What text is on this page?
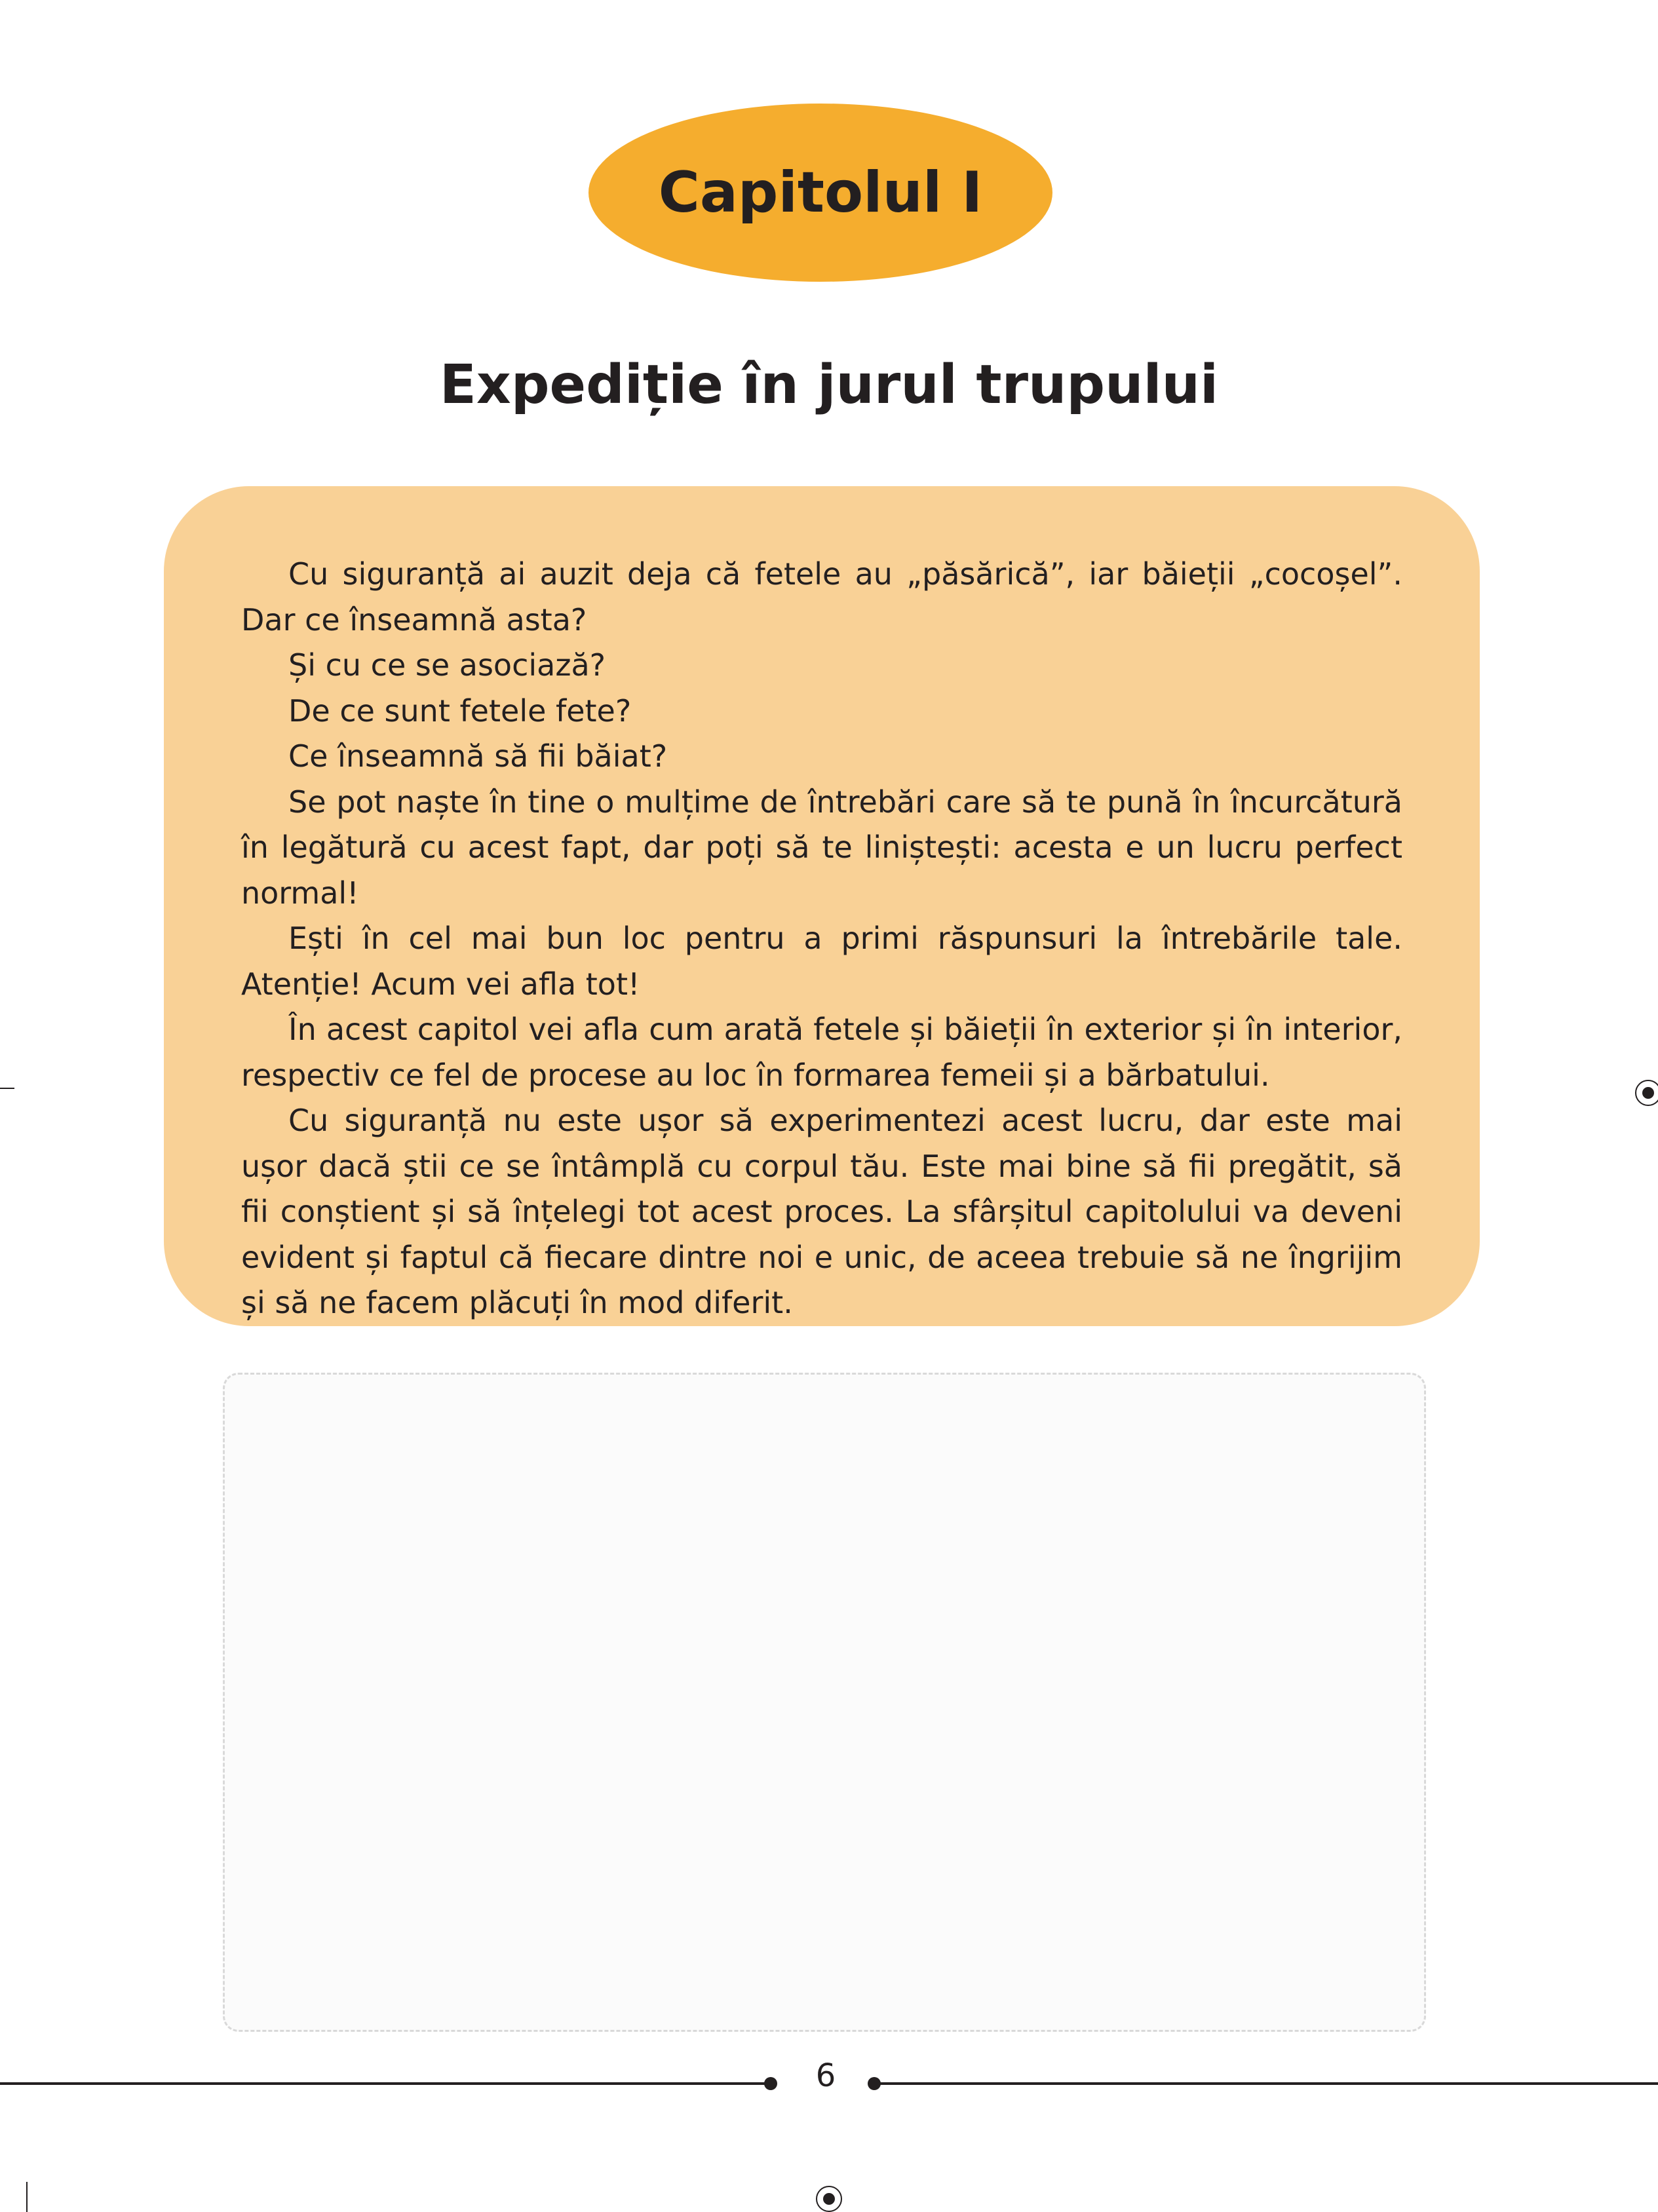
Capitolul I
Expediție în jurul trupului

Cu siguranță ai auzit deja că fetele au „păsărică”, iar băieții „cocoșel”. Dar ce înseamnă asta?

Și cu ce se asociază?

De ce sunt fetele fete?

Ce înseamnă să fii băiat?

Se pot naște în tine o mulțime de întrebări care să te pună în încurcătură în legătură cu acest fapt, dar poți să te liniștești: acesta e un lucru perfect normal!

Ești în cel mai bun loc pentru a primi răspunsuri la întrebările tale. Atenție! Acum vei afla tot!

În acest capitol vei afla cum arată fetele și băieții în exterior și în interior, respectiv ce fel de procese au loc în formarea femeii și a bărbatului.

Cu siguranță nu este ușor să experimentezi acest lucru, dar este mai ușor dacă știi ce se întâmplă cu corpul tău. Este mai bine să fii pregătit, să fii conștient și să înțelegi tot acest proces. La sfârșitul capitolului va deveni evident și faptul că fiecare dintre noi e unic, de aceea trebuie să ne îngrijim și să ne facem plăcuți în mod diferit.

6
